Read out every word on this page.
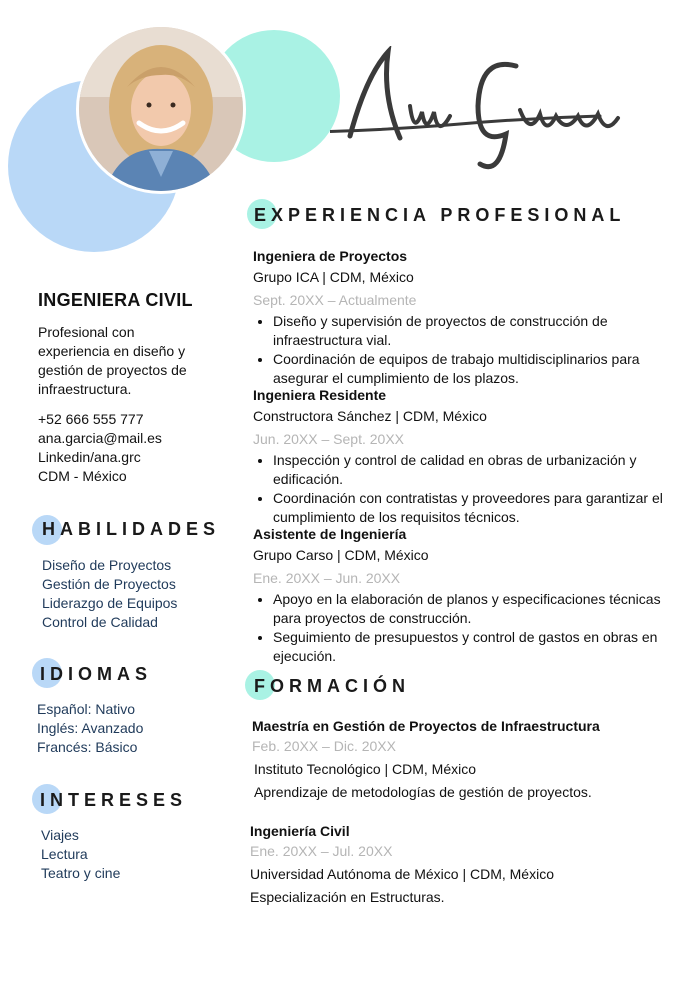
INGENIERA CIVIL
Profesional con
experiencia en diseño y
gestión de proyectos de
infraestructura.
+52 666 555 777
ana.garcia@mail.es
Linkedin/ana.grc
CDM - México
HABILIDADES
Diseño de Proyectos
Gestión de Proyectos
Liderazgo de Equipos
Control de Calidad
IDIOMAS
Español: Nativo
Inglés: Avanzado
Francés: Básico
INTERESES
Viajes
Lectura
Teatro y cine
EXPERIENCIA PROFESIONAL
Ingeniera de Proyectos
Grupo ICA | CDM, México
Sept. 20XX – Actualmente
• Diseño y supervisión de proyectos de construcción de infraestructura vial.
• Coordinación de equipos de trabajo multidisciplinarios para asegurar el cumplimiento de los plazos.
Ingeniera Residente
Constructora Sánchez | CDM, México
Jun. 20XX – Sept. 20XX
• Inspección y control de calidad en obras de urbanización y edificación.
• Coordinación con contratistas y proveedores para garantizar el cumplimiento de los requisitos técnicos.
Asistente de Ingeniería
Grupo Carso | CDM, México
Ene. 20XX – Jun. 20XX
• Apoyo en la elaboración de planos y especificaciones técnicas para proyectos de construcción.
• Seguimiento de presupuestos y control de gastos en obras en ejecución.
FORMACIÓN
Maestría en Gestión de Proyectos de Infraestructura
Feb. 20XX – Dic. 20XX
Instituto Tecnológico | CDM, México
Aprendizaje de metodologías de gestión de proyectos.
Ingeniería Civil
Ene. 20XX – Jul. 20XX
Universidad Autónoma de México | CDM, México
Especialización en Estructuras.
